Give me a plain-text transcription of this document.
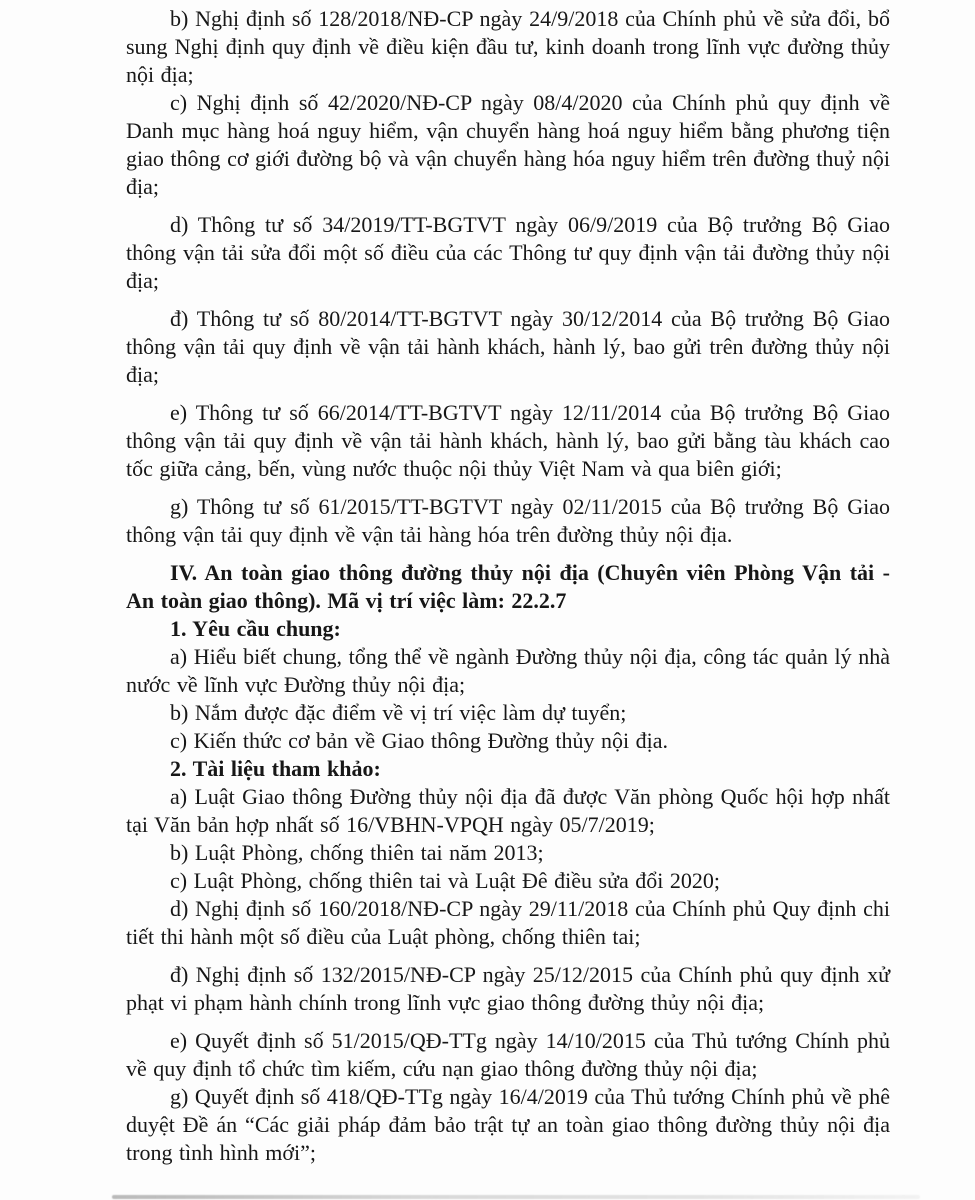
b) Nghị định số 128/2018/NĐ-CP ngày 24/9/2018 của Chính phủ về sửa đổi, bổ sung Nghị định quy định về điều kiện đầu tư, kinh doanh trong lĩnh vực đường thủy nội địa;

c) Nghị định số 42/2020/NĐ-CP ngày 08/4/2020 của Chính phủ quy định về Danh mục hàng hoá nguy hiểm, vận chuyển hàng hoá nguy hiểm bằng phương tiện giao thông cơ giới đường bộ và vận chuyển hàng hóa nguy hiểm trên đường thuỷ nội địa;

d) Thông tư số 34/2019/TT-BGTVT ngày 06/9/2019 của Bộ trưởng Bộ Giao thông vận tải sửa đổi một số điều của các Thông tư quy định vận tải đường thủy nội địa;

đ) Thông tư số 80/2014/TT-BGTVT ngày 30/12/2014 của Bộ trưởng Bộ Giao thông vận tải quy định về vận tải hành khách, hành lý, bao gửi trên đường thủy nội địa;

e) Thông tư số 66/2014/TT-BGTVT ngày 12/11/2014 của Bộ trưởng Bộ Giao thông vận tải quy định về vận tải hành khách, hành lý, bao gửi bằng tàu khách cao tốc giữa cảng, bến, vùng nước thuộc nội thủy Việt Nam và qua biên giới;

g) Thông tư số 61/2015/TT-BGTVT ngày 02/11/2015 của Bộ trưởng Bộ Giao thông vận tải quy định về vận tải hàng hóa trên đường thủy nội địa.

IV. An toàn giao thông đường thủy nội địa (Chuyên viên Phòng Vận tải - An toàn giao thông). Mã vị trí việc làm: 22.2.7

1. Yêu cầu chung:

a) Hiểu biết chung, tổng thể về ngành Đường thủy nội địa, công tác quản lý nhà nước về lĩnh vực Đường thủy nội địa;

b) Nắm được đặc điểm về vị trí việc làm dự tuyển;

c) Kiến thức cơ bản về Giao thông Đường thủy nội địa.

2. Tài liệu tham khảo:

a) Luật Giao thông Đường thủy nội địa đã được Văn phòng Quốc hội hợp nhất tại Văn bản hợp nhất số 16/VBHN-VPQH ngày 05/7/2019;

b) Luật Phòng, chống thiên tai năm 2013;

c) Luật Phòng, chống thiên tai và Luật Đê điều sửa đổi 2020;

d) Nghị định số 160/2018/NĐ-CP ngày 29/11/2018 của Chính phủ Quy định chi tiết thi hành một số điều của Luật phòng, chống thiên tai;

đ) Nghị định số 132/2015/NĐ-CP ngày 25/12/2015 của Chính phủ quy định xử phạt vi phạm hành chính trong lĩnh vực giao thông đường thủy nội địa;

e) Quyết định số 51/2015/QĐ-TTg ngày 14/10/2015 của Thủ tướng Chính phủ về quy định tổ chức tìm kiếm, cứu nạn giao thông đường thủy nội địa;

g) Quyết định số 418/QĐ-TTg ngày 16/4/2019 của Thủ tướng Chính phủ về phê duyệt Đề án “Các giải pháp đảm bảo trật tự an toàn giao thông đường thủy nội địa trong tình hình mới”;
